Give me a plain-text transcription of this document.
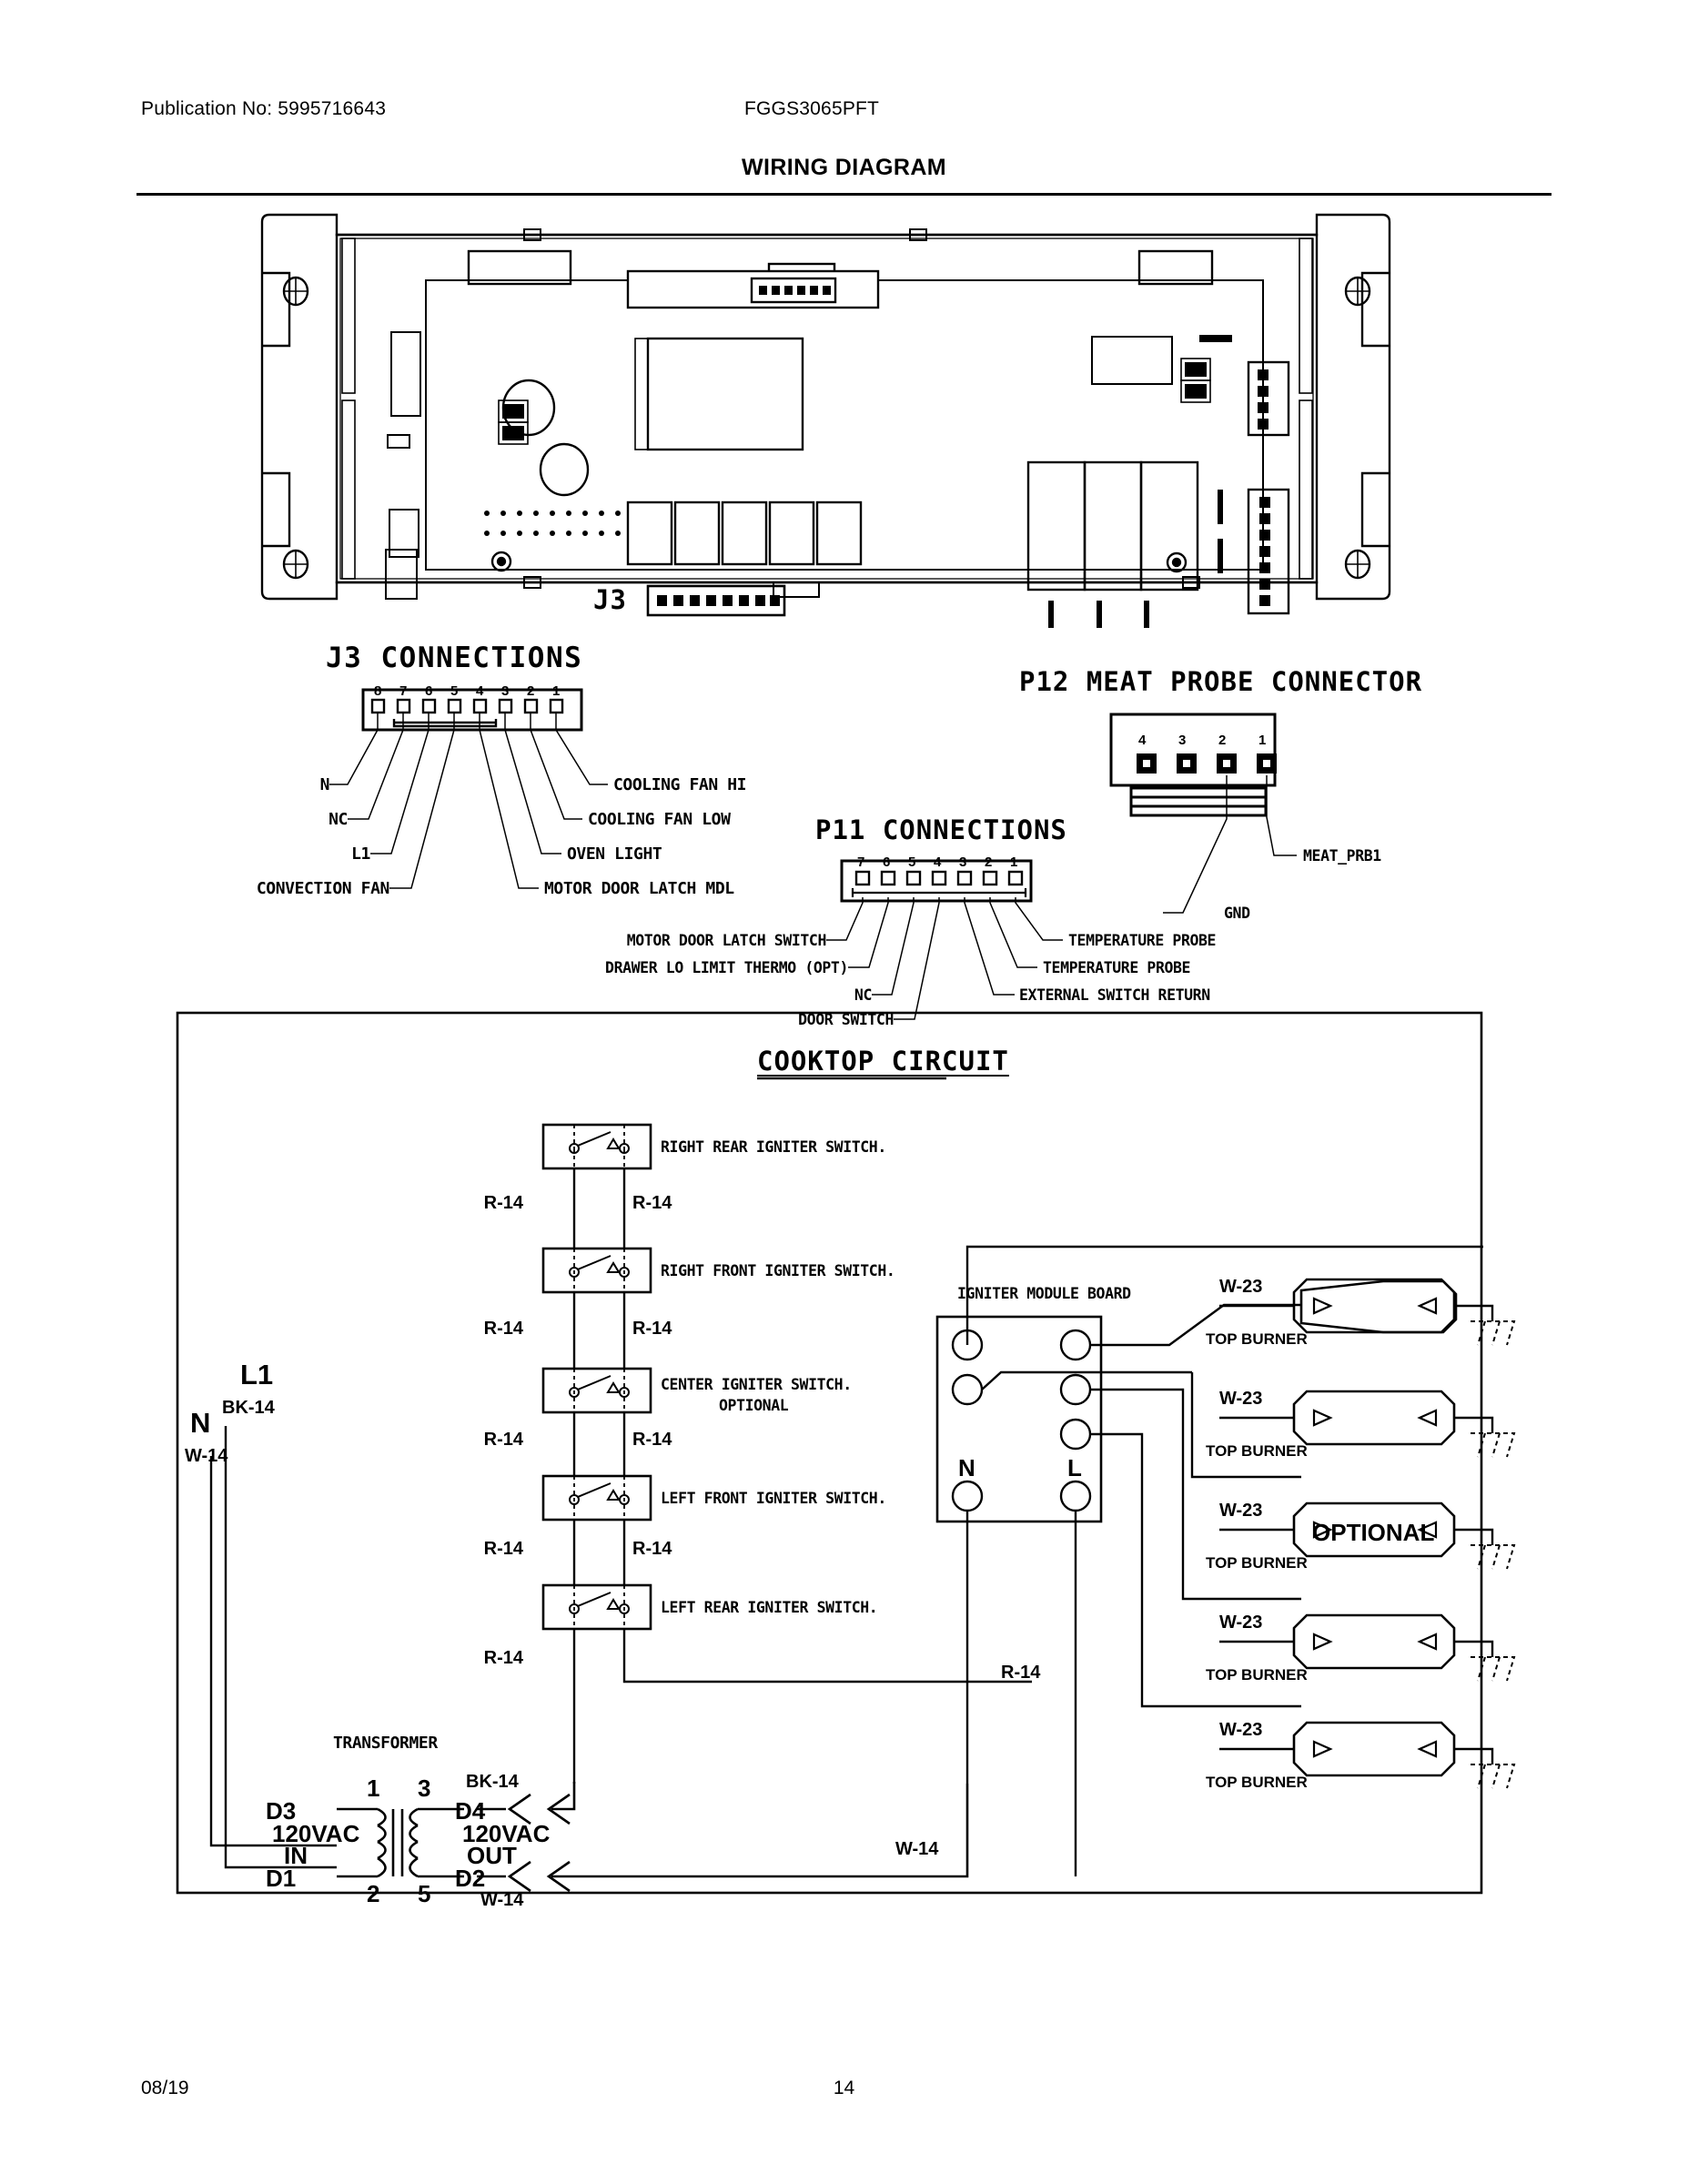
Publication No: 5995716643	FGGS3065PFT
WIRING DIAGRAM
J3
J3 CONNECTIONS
8 7 6 5 4 3 2 1
N
NC
L1
CONVECTION FAN
COOLING FAN HI
COOLING FAN LOW
OVEN LIGHT
MOTOR DOOR LATCH MDL
P12 MEAT PROBE CONNECTOR
4 3 2 1
MEAT_PRB1
GND
P11 CONNECTIONS
7 6 5 4 3 2 1
MOTOR DOOR LATCH SWITCH
DRAWER LO LIMIT THERMO (OPT)
NC
DOOR SWITCH
TEMPERATURE PROBE
TEMPERATURE PROBE
EXTERNAL SWITCH RETURN
COOKTOP CIRCUIT
L1
BK-14
N
W-14
RIGHT REAR IGNITER SWITCH.
RIGHT FRONT IGNITER SWITCH.
CENTER IGNITER SWITCH.
OPTIONAL
LEFT FRONT IGNITER SWITCH.
LEFT REAR IGNITER SWITCH.
R-14	R-14
R-14	R-14
R-14	R-14
R-14	R-14
R-14
R-14
IGNITER MODULE BOARD
N	L
W-23
TOP BURNER
W-23
TOP BURNER
W-23
OPTIONAL
TOP BURNER
W-23
TOP BURNER
W-23
TOP BURNER
W-14
TRANSFORMER
1
2
3
5
D3
D1
D4
D2
120VAC
IN
120VAC
OUT
BK-14
W-14
08/19	14
